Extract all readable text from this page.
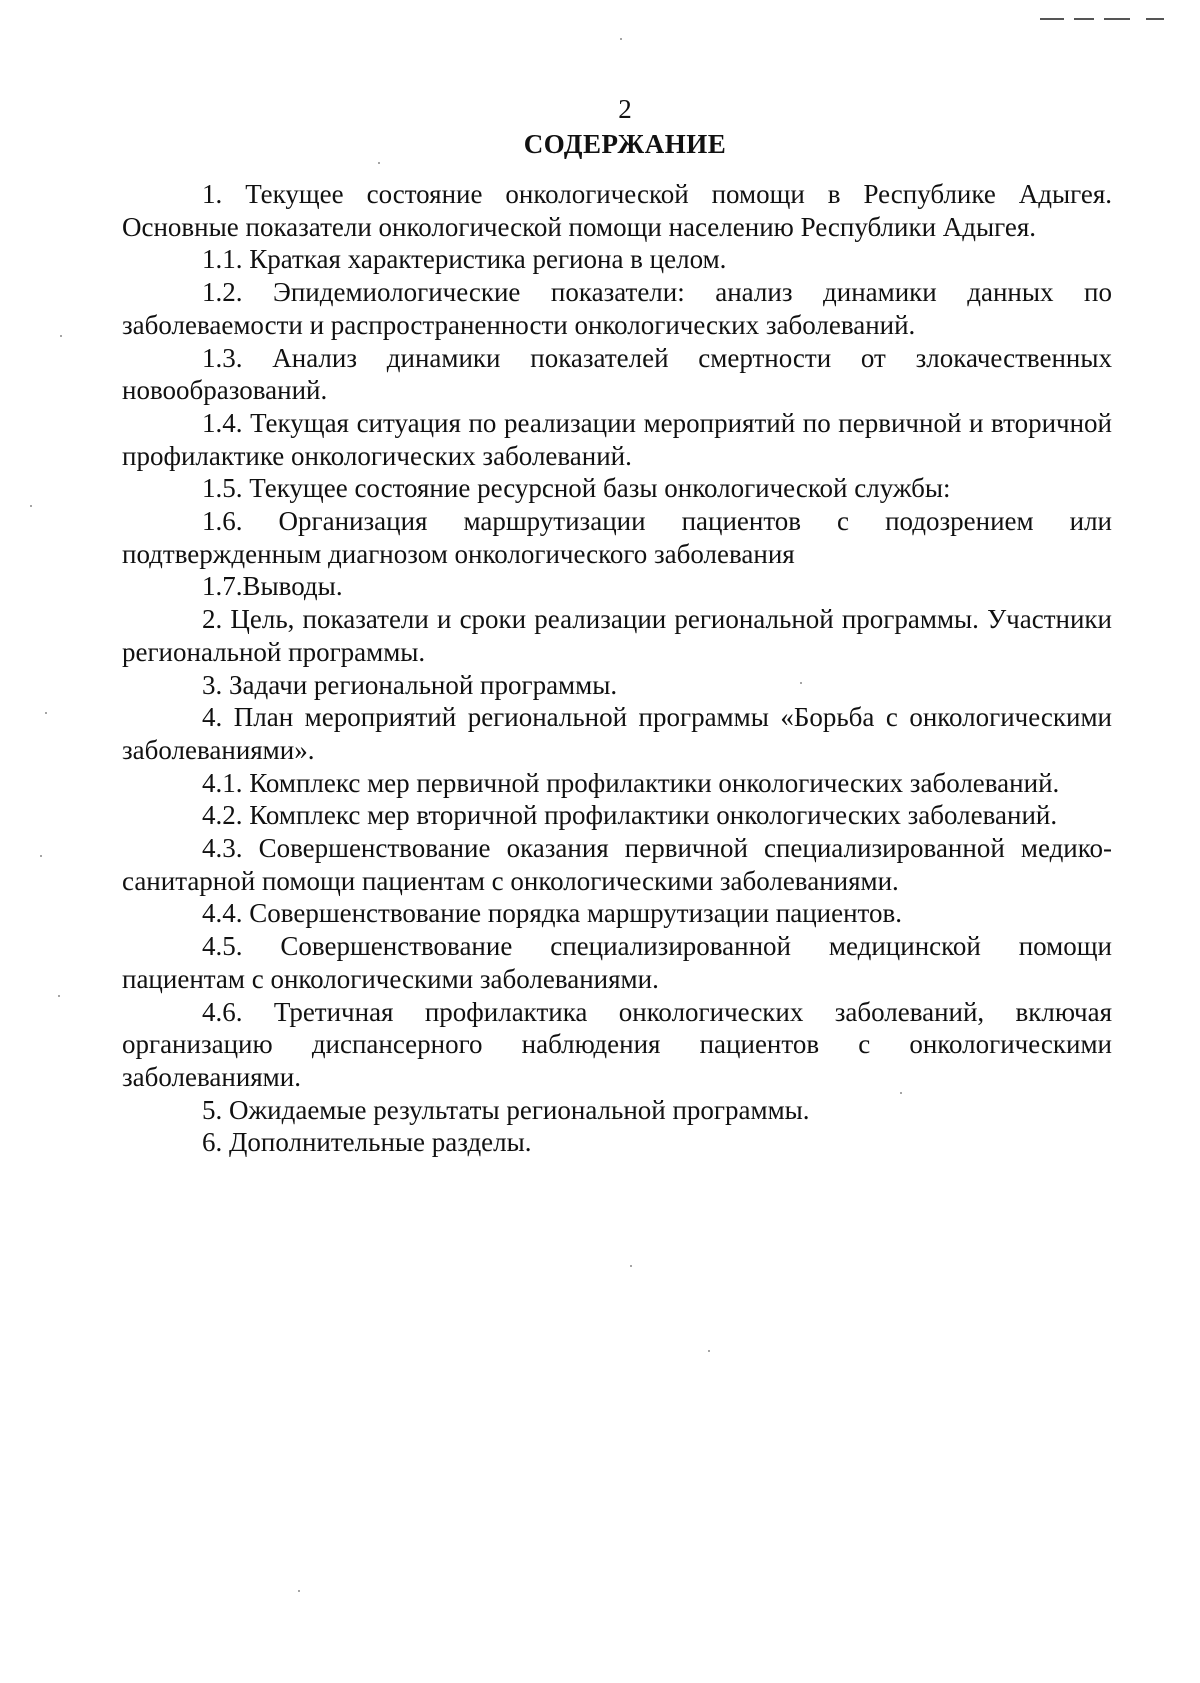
2
СОДЕРЖАНИЕ

1. Текущее состояние онкологической помощи в Республике Адыгея. Основные показатели онкологической помощи населению Республики Адыгея.

1.1. Краткая характеристика региона в целом.

1.2. Эпидемиологические показатели: анализ динамики данных по заболеваемости и распространенности онкологических заболеваний.

1.3. Анализ динамики показателей смертности от злокачественных новообразований.

1.4. Текущая ситуация по реализации мероприятий по первичной и вторичной профилактике онкологических заболеваний.

1.5. Текущее состояние ресурсной базы онкологической службы:

1.6. Организация маршрутизации пациентов с подозрением или подтвержденным диагнозом онкологического заболевания

1.7.Выводы.

2. Цель, показатели и сроки реализации региональной программы. Участники региональной программы.

3. Задачи региональной программы.

4. План мероприятий региональной программы «Борьба с онкологическими заболеваниями».

4.1. Комплекс мер первичной профилактики онкологических заболеваний.

4.2. Комплекс мер вторичной профилактики онкологических заболеваний.

4.3. Совершенствование оказания первичной специализированной медико-санитарной помощи пациентам с онкологическими заболеваниями.

4.4. Совершенствование порядка маршрутизации пациентов.

4.5. Совершенствование специализированной медицинской помощи пациентам с онкологическими заболеваниями.

4.6. Третичная профилактика онкологических заболеваний, включая организацию диспансерного наблюдения пациентов с онкологическими заболеваниями.

5. Ожидаемые результаты региональной программы.

6. Дополнительные разделы.
